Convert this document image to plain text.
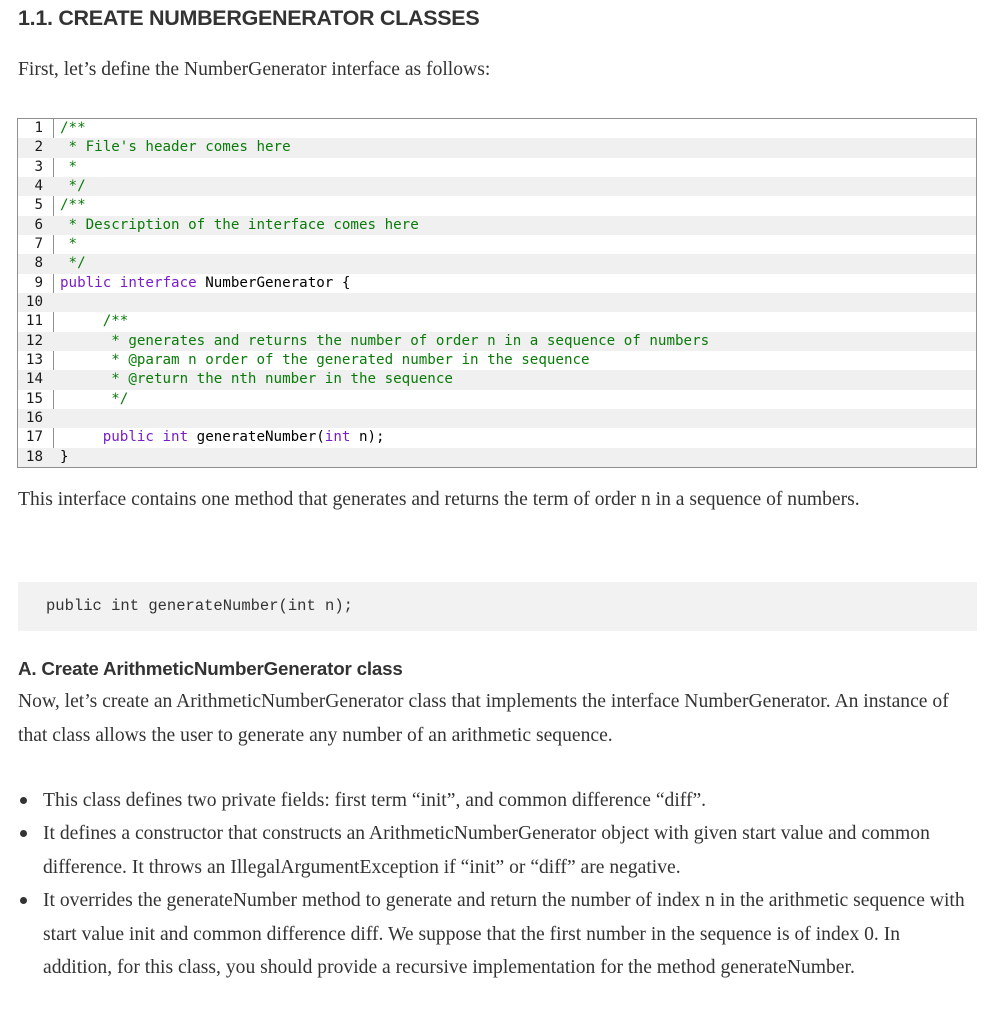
1.1. CREATE NUMBERGENERATOR CLASSES

First, let’s define the NumberGenerator interface as follows:

1 /**
2 * File's header comes here
3 *
4 */
5 /**
6 * Description of the interface comes here
7 *
8 */
9 public interface NumberGenerator {
10
11 /**
12 * generates and returns the number of order n in a sequence of numbers
13 * @param n order of the generated number in the sequence
14 * @return the nth number in the sequence
15 */
16
17 public int generateNumber(int n);
18 }

This interface contains one method that generates and returns the term of order n in a sequence of numbers.

public int generateNumber(int n);
A. Create ArithmeticNumberGenerator class

Now, let’s create an ArithmeticNumberGenerator class that implements the interface NumberGenerator. An instance of that class allows the user to generate any number of an arithmetic sequence.

This class defines two private fields: first term “init”, and common difference “diff”.
It defines a constructor that constructs an ArithmeticNumberGenerator object with given start value and common difference. It throws an IllegalArgumentException if “init” or “diff” are negative.
It overrides the generateNumber method to generate and return the number of index n in the arithmetic sequence with start value init and common difference diff. We suppose that the first number in the sequence is of index 0. In addition, for this class, you should provide a recursive implementation for the method generateNumber.
